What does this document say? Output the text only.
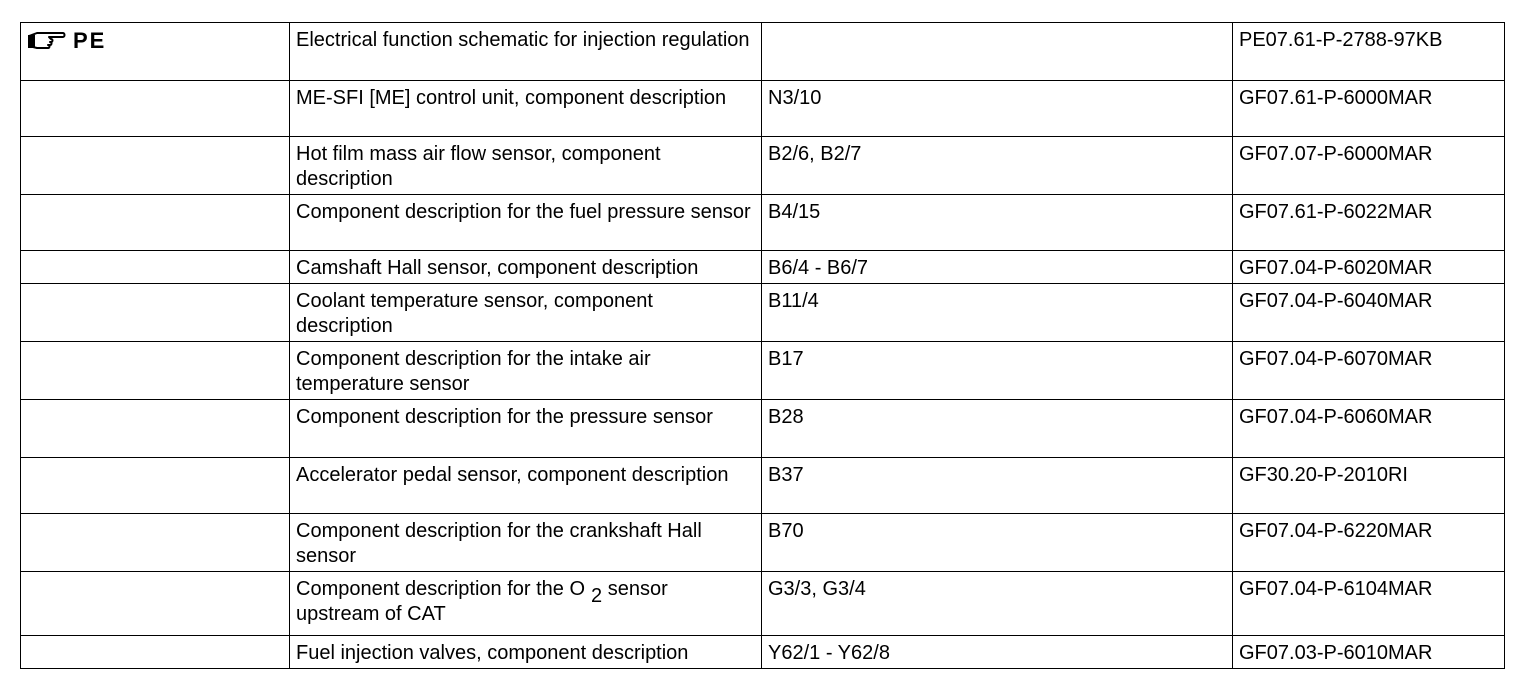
PE	Electrical function schematic for injection regulation		PE07.61-P-2788-97KB
	ME-SFI [ME] control unit, component description	N3/10	GF07.61-P-6000MAR
	Hot film mass air flow sensor, component description	B2/6, B2/7	GF07.07-P-6000MAR
	Component description for the fuel pressure sensor	B4/15	GF07.61-P-6022MAR
	Camshaft Hall sensor, component description	B6/4 - B6/7	GF07.04-P-6020MAR
	Coolant temperature sensor, component description	B11/4	GF07.04-P-6040MAR
	Component description for the intake air temperature sensor	B17	GF07.04-P-6070MAR
	Component description for the pressure sensor	B28	GF07.04-P-6060MAR
	Accelerator pedal sensor, component description	B37	GF30.20-P-2010RI
	Component description for the crankshaft Hall sensor	B70	GF07.04-P-6220MAR
	Component description for the O 2 sensor upstream of CAT	G3/3, G3/4	GF07.04-P-6104MAR
	Fuel injection valves, component description	Y62/1 - Y62/8	GF07.03-P-6010MAR
